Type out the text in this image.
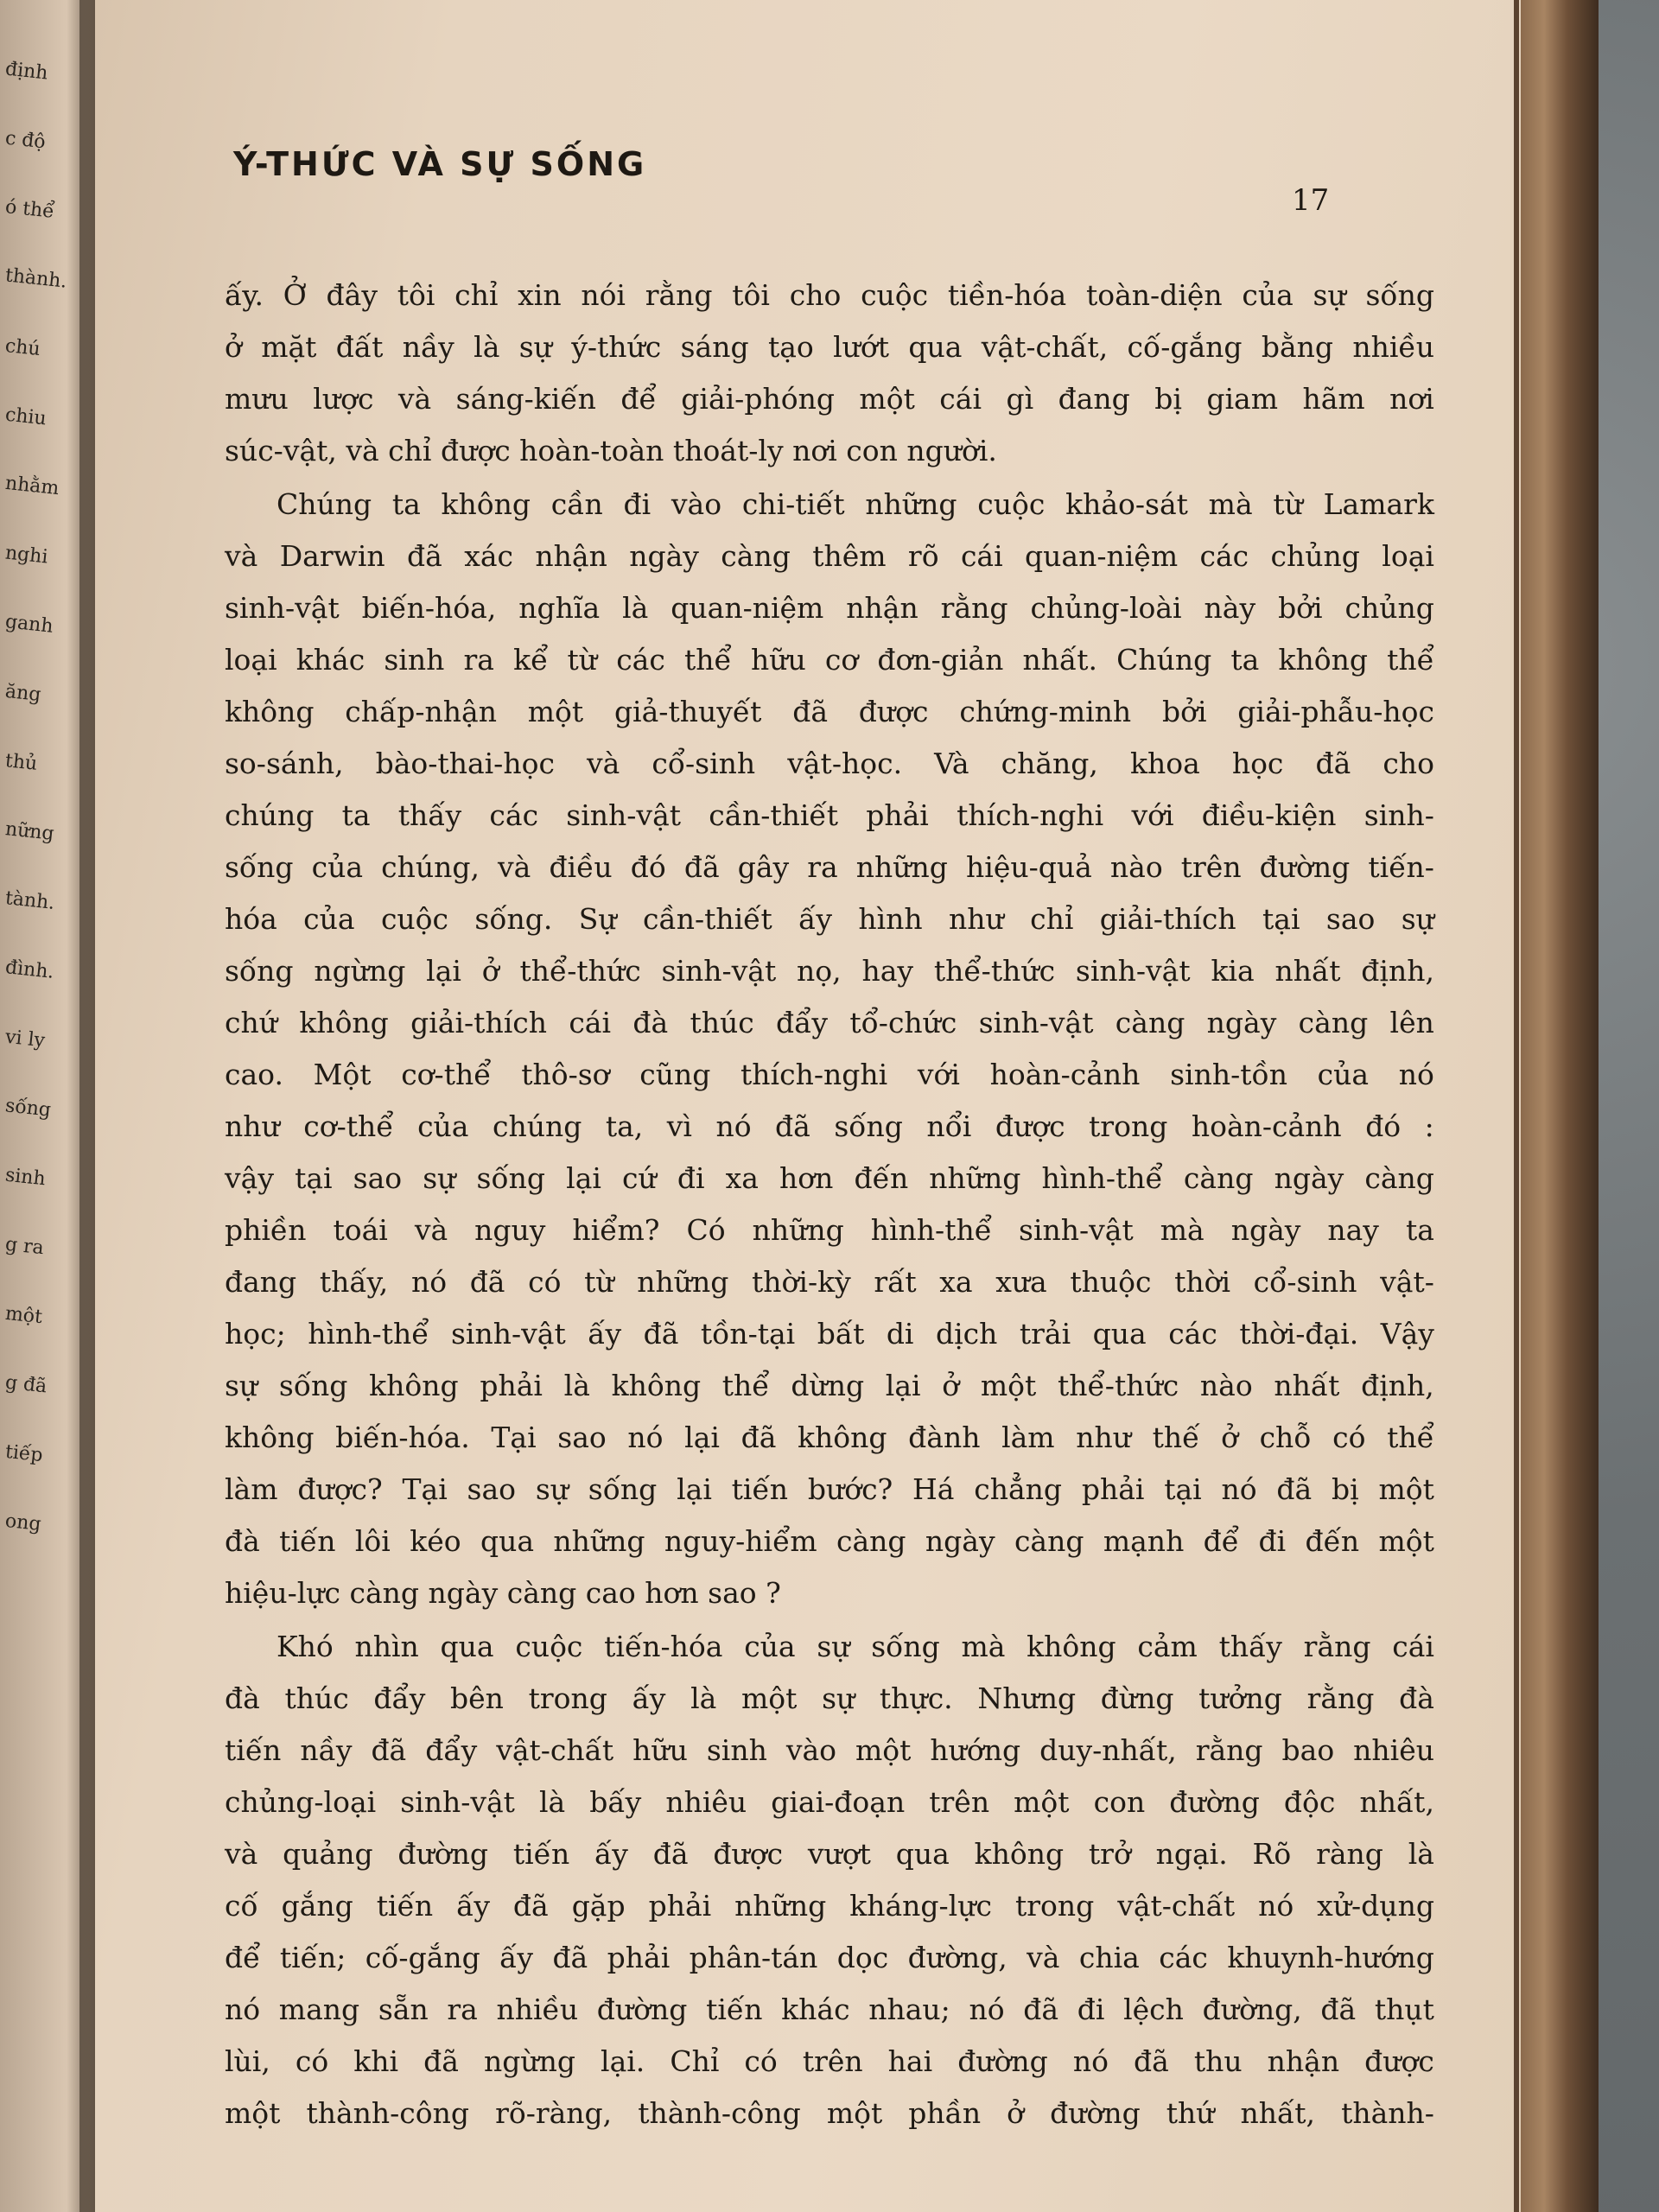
định
c độ
ó thể
thành.
chú
chiu
nhằm
nghi
ganh
ăng
thủ
nững
tành.
đình.
vi ly
sống
sinh
g ra
một
g đã
tiếp
ong
Ý-THỨC VÀ SỰ SỐNG
17
ấy. Ở đây tôi chỉ xin nói rằng tôi cho cuộc tiền-hóa toàn-diện của sự sống
ở mặt đất nầy là sự ý-thức sáng tạo lướt qua vật-chất, cố-gắng bằng nhiều
mưu lược và sáng-kiến để giải-phóng một cái gì đang bị giam hãm nơi
súc-vật, và chỉ được hoàn-toàn thoát-ly nơi con người.
Chúng ta không cần đi vào chi-tiết những cuộc khảo-sát mà từ Lamark
và Darwin đã xác nhận ngày càng thêm rõ cái quan-niệm các chủng loại
sinh-vật biến-hóa, nghĩa là quan-niệm nhận rằng chủng-loài này bởi chủng
loại khác sinh ra kể từ các thể hữu cơ đơn-giản nhất. Chúng ta không thể
không chấp-nhận một giả-thuyết đã được chứng-minh bởi giải-phẫu-học
so-sánh, bào-thai-học và cổ-sinh vật-học. Và chăng, khoa học đã cho
chúng ta thấy các sinh-vật cần-thiết phải thích-nghi với điều-kiện sinh-
sống của chúng, và điều đó đã gây ra những hiệu-quả nào trên đường tiến-
hóa của cuộc sống. Sự cần-thiết ấy hình như chỉ giải-thích tại sao sự
sống ngừng lại ở thể-thức sinh-vật nọ, hay thể-thức sinh-vật kia nhất định,
chứ không giải-thích cái đà thúc đẩy tổ-chức sinh-vật càng ngày càng lên
cao. Một cơ-thể thô-sơ cũng thích-nghi với hoàn-cảnh sinh-tồn của nó
như cơ-thể của chúng ta, vì nó đã sống nổi được trong hoàn-cảnh đó :
vậy tại sao sự sống lại cứ đi xa hơn đến những hình-thể càng ngày càng
phiền toái và nguy hiểm? Có những hình-thể sinh-vật mà ngày nay ta
đang thấy, nó đã có từ những thời-kỳ rất xa xưa thuộc thời cổ-sinh vật-
học; hình-thể sinh-vật ấy đã tồn-tại bất di dịch trải qua các thời-đại. Vậy
sự sống không phải là không thể dừng lại ở một thể-thức nào nhất định,
không biến-hóa. Tại sao nó lại đã không đành làm như thế ở chỗ có thể
làm được? Tại sao sự sống lại tiến bước? Há chẳng phải tại nó đã bị một
đà tiến lôi kéo qua những nguy-hiểm càng ngày càng mạnh để đi đến một
hiệu-lực càng ngày càng cao hơn sao ?
Khó nhìn qua cuộc tiến-hóa của sự sống mà không cảm thấy rằng cái
đà thúc đẩy bên trong ấy là một sự thực. Nhưng đừng tưởng rằng đà
tiến nầy đã đẩy vật-chất hữu sinh vào một hướng duy-nhất, rằng bao nhiêu
chủng-loại sinh-vật là bấy nhiêu giai-đoạn trên một con đường độc nhất,
và quảng đường tiến ấy đã được vượt qua không trở ngại. Rõ ràng là
cố gắng tiến ấy đã gặp phải những kháng-lực trong vật-chất nó xử-dụng
để tiến; cố-gắng ấy đã phải phân-tán dọc đường, và chia các khuynh-hướng
nó mang sẵn ra nhiều đường tiến khác nhau; nó đã đi lệch đường, đã thụt
lùi, có khi đã ngừng lại. Chỉ có trên hai đường nó đã thu nhận được
một thành-công rõ-ràng, thành-công một phần ở đường thứ nhất, thành-
